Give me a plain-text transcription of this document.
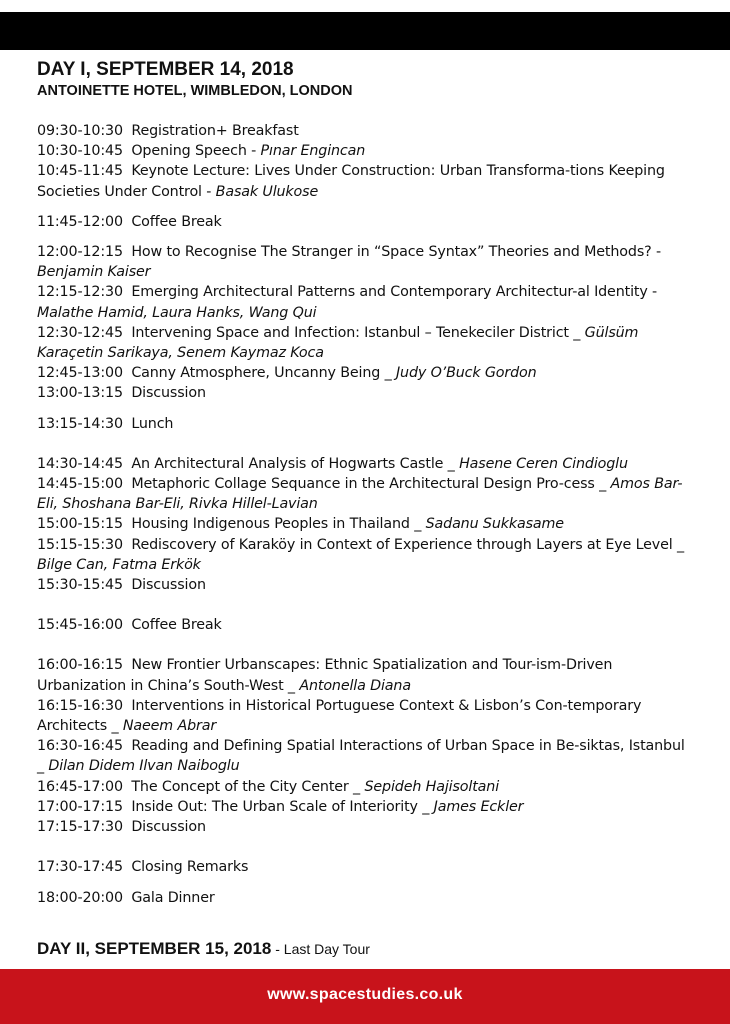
DAY I, SEPTEMBER 14, 2018

ANTOINETTE HOTEL, WIMBLEDON, LONDON

09:30-10:30 Registration+ Breakfast

10:30-10:45 Opening Speech - Pınar Engincan

10:45-11:45 Keynote Lecture: Lives Under Construction: Urban Transforma-tions Keeping Societies Under Control - Basak Ulukose

11:45-12:00 Coffee Break

12:00-12:15 How to Recognise The Stranger in “Space Syntax” Theories and Methods? - Benjamin Kaiser

12:15-12:30 Emerging Architectural Patterns and Contemporary Architectur-al Identity - Malathe Hamid, Laura Hanks, Wang Qui

12:30-12:45 Intervening Space and Infection: Istanbul – Tenekeciler District _ Gülsüm Karaçetin Sarikaya, Senem Kaymaz Koca

12:45-13:00 Canny Atmosphere, Uncanny Being _ Judy O’Buck Gordon

13:00-13:15 Discussion

13:15-14:30 Lunch

14:30-14:45 An Architectural Analysis of Hogwarts Castle _ Hasene Ceren Cindioglu

14:45-15:00 Metaphoric Collage Sequance in the Architectural Design Pro-cess _ Amos Bar-Eli, Shoshana Bar-Eli, Rivka Hillel-Lavian

15:00-15:15 Housing Indigenous Peoples in Thailand _ Sadanu Sukkasame

15:15-15:30 Rediscovery of Karaköy in Context of Experience through Layers at Eye Level _ Bilge Can, Fatma Erkök

15:30-15:45 Discussion

15:45-16:00 Coffee Break

16:00-16:15 New Frontier Urbanscapes: Ethnic Spatialization and Tour-ism-Driven Urbanization in China’s South-West _ Antonella Diana

16:15-16:30 Interventions in Historical Portuguese Context & Lisbon’s Con-temporary Architects _ Naeem Abrar

16:30-16:45 Reading and Defining Spatial Interactions of Urban Space in Be-siktas, Istanbul _ Dilan Didem Ilvan Naiboglu

16:45-17:00 The Concept of the City Center _ Sepideh Hajisoltani

17:00-17:15 Inside Out: The Urban Scale of Interiority _ James Eckler

17:15-17:30 Discussion

17:30-17:45 Closing Remarks

18:00-20:00 Gala Dinner

DAY II, SEPTEMBER 15, 2018 - Last Day Tour
www.spacestudies.co.uk
